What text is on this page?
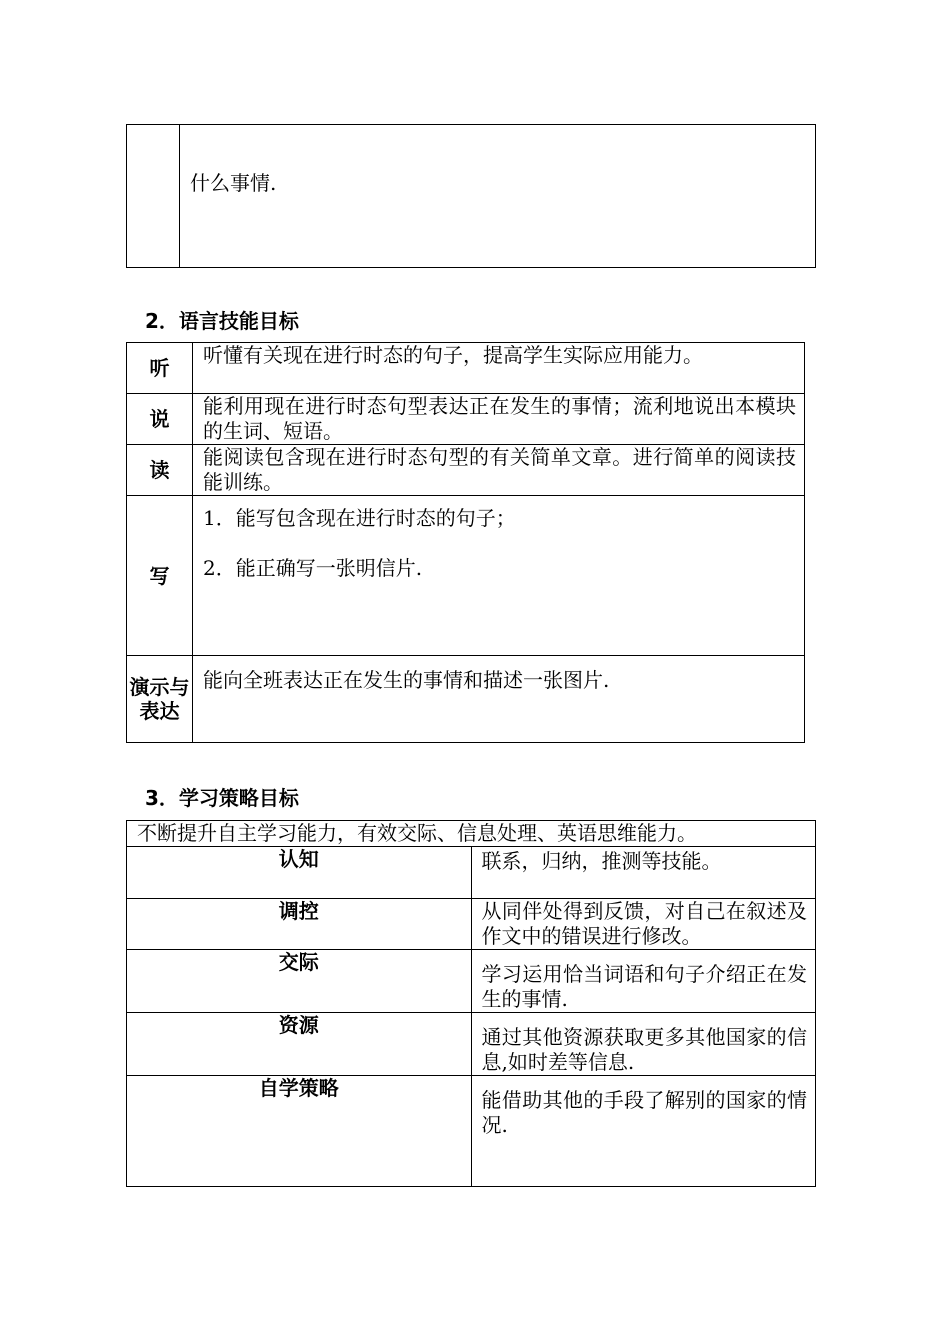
	什么事情.
2．语言技能目标
听	听懂有关现在进行时态的句子，提高学生实际应用能力。
说	能利用现在进行时态句型表达正在发生的事情；流利地说出本模块的生词、短语。
读	能阅读包含现在进行时态句型的有关简单文章。进行简单的阅读技能训练。
写	1．能写包含现在进行时态的句子；
2．能正确写一张明信片.

演示与表达	能向全班表达正在发生的事情和描述一张图片.
3．学习策略目标
不断提升自主学习能力，有效交际、信息处理、英语思维能力。	
认知	联系，归纳，推测等技能。
调控	从同伴处得到反馈，对自己在叙述及作文中的错误进行修改。
交际	学习运用恰当词语和句子介绍正在发生的事情.
资源	通过其他资源获取更多其他国家的信息,如时差等信息.
自学策略	能借助其他的手段了解别的国家的情况.
